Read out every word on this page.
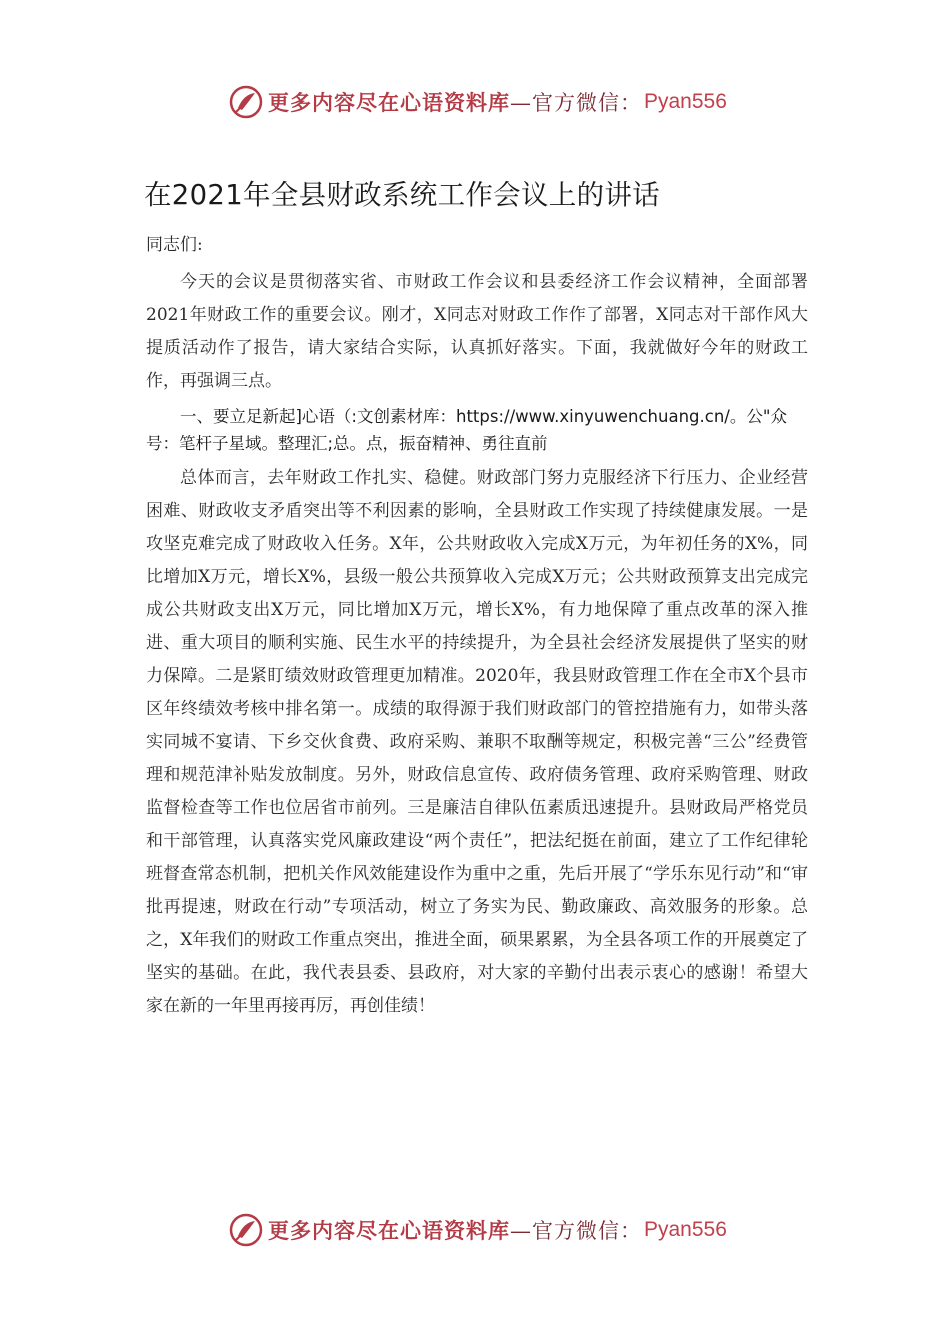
更多内容尽在心语资料库 —官方微信： Pyan556
在2021年全县财政系统工作会议上的讲话
同志们:

今天的会议是贯彻落实省、市财政工作会议和县委经济工作会议精神，全面部署2021年财政工作的重要会议。刚才，X同志对财政工作作了部署，X同志对干部作风大提质活动作了报告，请大家结合实际，认真抓好落实。下面，我就做好今年的财政工作，再强调三点。

一、要立足新起]心语（:文创素材库：https://www.xinyuwenchuang.cn/。公"众号：笔杆子星域。整理汇;总。点，振奋精神、勇往直前

总体而言，去年财政工作扎实、稳健。财政部门努力克服经济下行压力、企业经营困难、财政收支矛盾突出等不利因素的影响，全县财政工作实现了持续健康发展。一是攻坚克难完成了财政收入任务。X年，公共财政收入完成X万元，为年初任务的X%，同比增加X万元，增长X%，县级一般公共预算收入完成X万元；公共财政预算支出完成完成公共财政支出X万元，同比增加X万元，增长X%，有力地保障了重点改革的深入推进、重大项目的顺利实施、民生水平的持续提升，为全县社会经济发展提供了坚实的财力保障。二是紧盯绩效财政管理更加精准。2020年，我县财政管理工作在全市X个县市区年终绩效考核中排名第一。成绩的取得源于我们财政部门的管控措施有力，如带头落实同城不宴请、下乡交伙食费、政府采购、兼职不取酬等规定，积极完善“三公”经费管理和规范津补贴发放制度。另外，财政信息宣传、政府债务管理、政府采购管理、财政监督检查等工作也位居省市前列。三是廉洁自律队伍素质迅速提升。县财政局严格党员和干部管理，认真落实党风廉政建设“两个责任”，把法纪挺在前面，建立了工作纪律轮班督查常态机制，把机关作风效能建设作为重中之重，先后开展了“学乐东见行动”和“审批再提速，财政在行动”专项活动，树立了务实为民、勤政廉政、高效服务的形象。总之，X年我们的财政工作重点突出，推进全面，硕果累累，为全县各项工作的开展奠定了坚实的基础。在此，我代表县委、县政府，对大家的辛勤付出表示衷心的感谢！希望大家在新的一年里再接再厉，再创佳绩！

更多内容尽在心语资料库 —官方微信： Pyan556
